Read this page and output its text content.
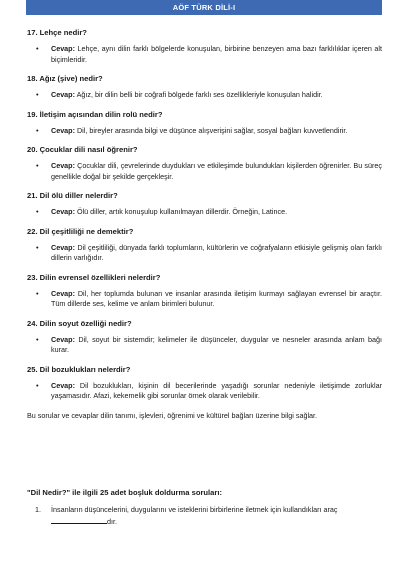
AÖF TÜRK DİLİ-I
17. Lehçe nedir?

• Cevap: Lehçe, aynı dilin farklı bölgelerde konuşulan, birbirine benzeyen ama bazı farklılıklar içeren alt biçimleridir.

18. Ağız (şive) nedir?

• Cevap: Ağız, bir dilin belli bir coğrafi bölgede farklı ses özellikleriyle konuşulan halidir.

19. İletişim açısından dilin rolü nedir?

• Cevap: Dil, bireyler arasında bilgi ve düşünce alışverişini sağlar, sosyal bağları kuvvetlendirir.

20. Çocuklar dili nasıl öğrenir?

• Cevap: Çocuklar dili, çevrelerinde duydukları ve etkileşimde bulundukları kişilerden öğrenirler. Bu süreç genellikle doğal bir şekilde gerçekleşir.

21. Dil ölü diller nelerdir?

• Cevap: Ölü diller, artık konuşulup kullanılmayan dillerdir. Örneğin, Latince.

22. Dil çeşitliliği ne demektir?

• Cevap: Dil çeşitliliği, dünyada farklı toplumların, kültürlerin ve coğrafyaların etkisiyle gelişmiş olan farklı dillerin varlığıdır.

23. Dilin evrensel özellikleri nelerdir?

• Cevap: Dil, her toplumda bulunan ve insanlar arasında iletişim kurmayı sağlayan evrensel bir araçtır. Tüm dillerde ses, kelime ve anlam birimleri bulunur.

24. Dilin soyut özelliği nedir?

• Cevap: Dil, soyut bir sistemdir; kelimeler ile düşünceler, duygular ve nesneler arasında anlam bağı kurar.

25. Dil bozuklukları nelerdir?

• Cevap: Dil bozuklukları, kişinin dil becerilerinde yaşadığı sorunlar nedeniyle iletişimde zorluklar yaşamasıdır. Afazi, kekemelik gibi sorunlar örnek olarak verilebilir.

Bu sorular ve cevaplar dilin tanımı, işlevleri, öğrenimi ve kültürel bağları üzerine bilgi sağlar.

"Dil Nedir?" ile ilgili 25 adet boşluk doldurma soruları:
1. İnsanların düşüncelerini, duygularını ve isteklerini birbirlerine iletmek için kullandıkları araç dır.
